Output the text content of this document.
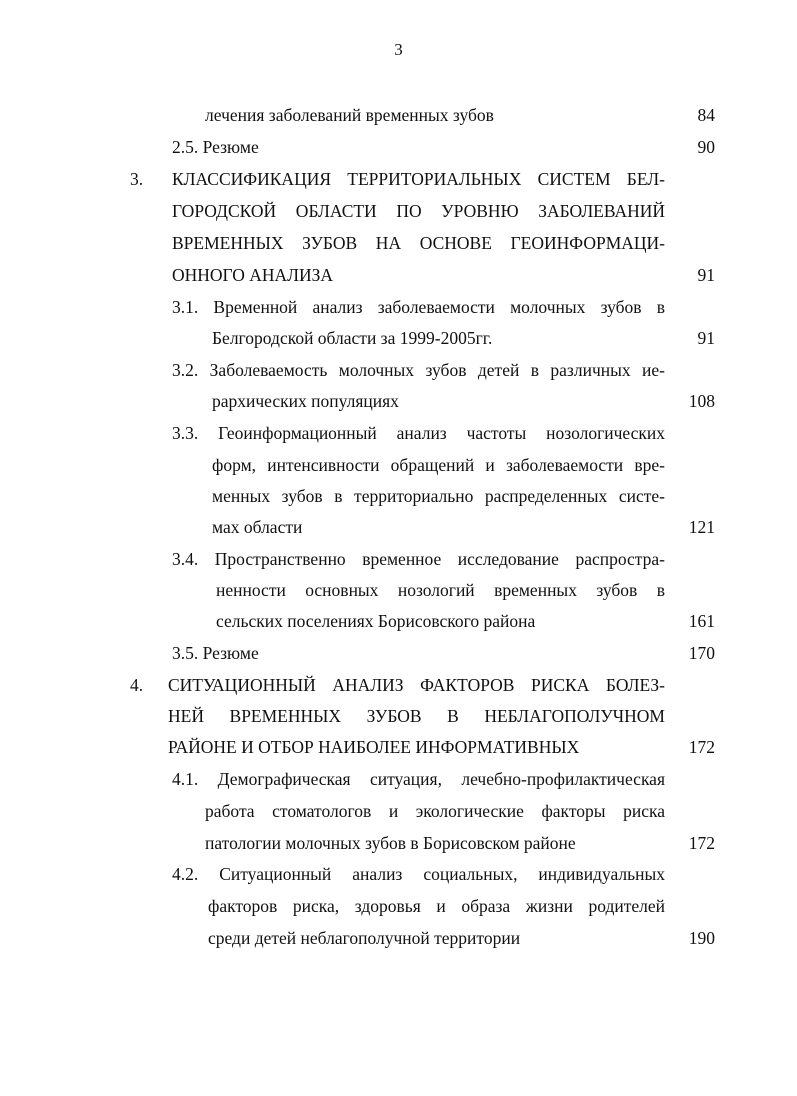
3
лечения заболеваний временных зубов	84
2.5. Резюме	90
3. КЛАССИФИКАЦИЯ ТЕРРИТОРИАЛЬНЫХ СИСТЕМ БЕЛ-
ГОРОДСКОЙ ОБЛАСТИ ПО УРОВНЮ ЗАБОЛЕВАНИЙ
ВРЕМЕННЫХ ЗУБОВ НА ОСНОВЕ ГЕОИНФОРМАЦИ-
ОННОГО АНАЛИЗА	91
3.1. Временной анализ заболеваемости молочных зубов в
Белгородской области за 1999-2005гг.	91
3.2. Заболеваемость молочных зубов детей в различных ие-
рархических популяциях	108
3.3. Геоинформационный анализ частоты нозологических
форм, интенсивности обращений и заболеваемости вре-
менных зубов в территориально распределенных систе-
мах области	121
3.4. Пространственно временное исследование распростра-
ненности основных нозологий временных зубов в
сельских поселениях Борисовского района	161
3.5. Резюме	170
4. СИТУАЦИОННЫЙ АНАЛИЗ ФАКТОРОВ РИСКА БОЛЕЗ-
НЕЙ ВРЕМЕННЫХ ЗУБОВ В НЕБЛАГОПОЛУЧНОМ
РАЙОНЕ И ОТБОР НАИБОЛЕЕ ИНФОРМАТИВНЫХ	172
4.1. Демографическая ситуация, лечебно-профилактическая
работа стоматологов и экологические факторы риска
патологии молочных зубов в Борисовском районе	172
4.2. Ситуационный анализ социальных, индивидуальных
факторов риска, здоровья и образа жизни родителей
среди детей неблагополучной территории	190
